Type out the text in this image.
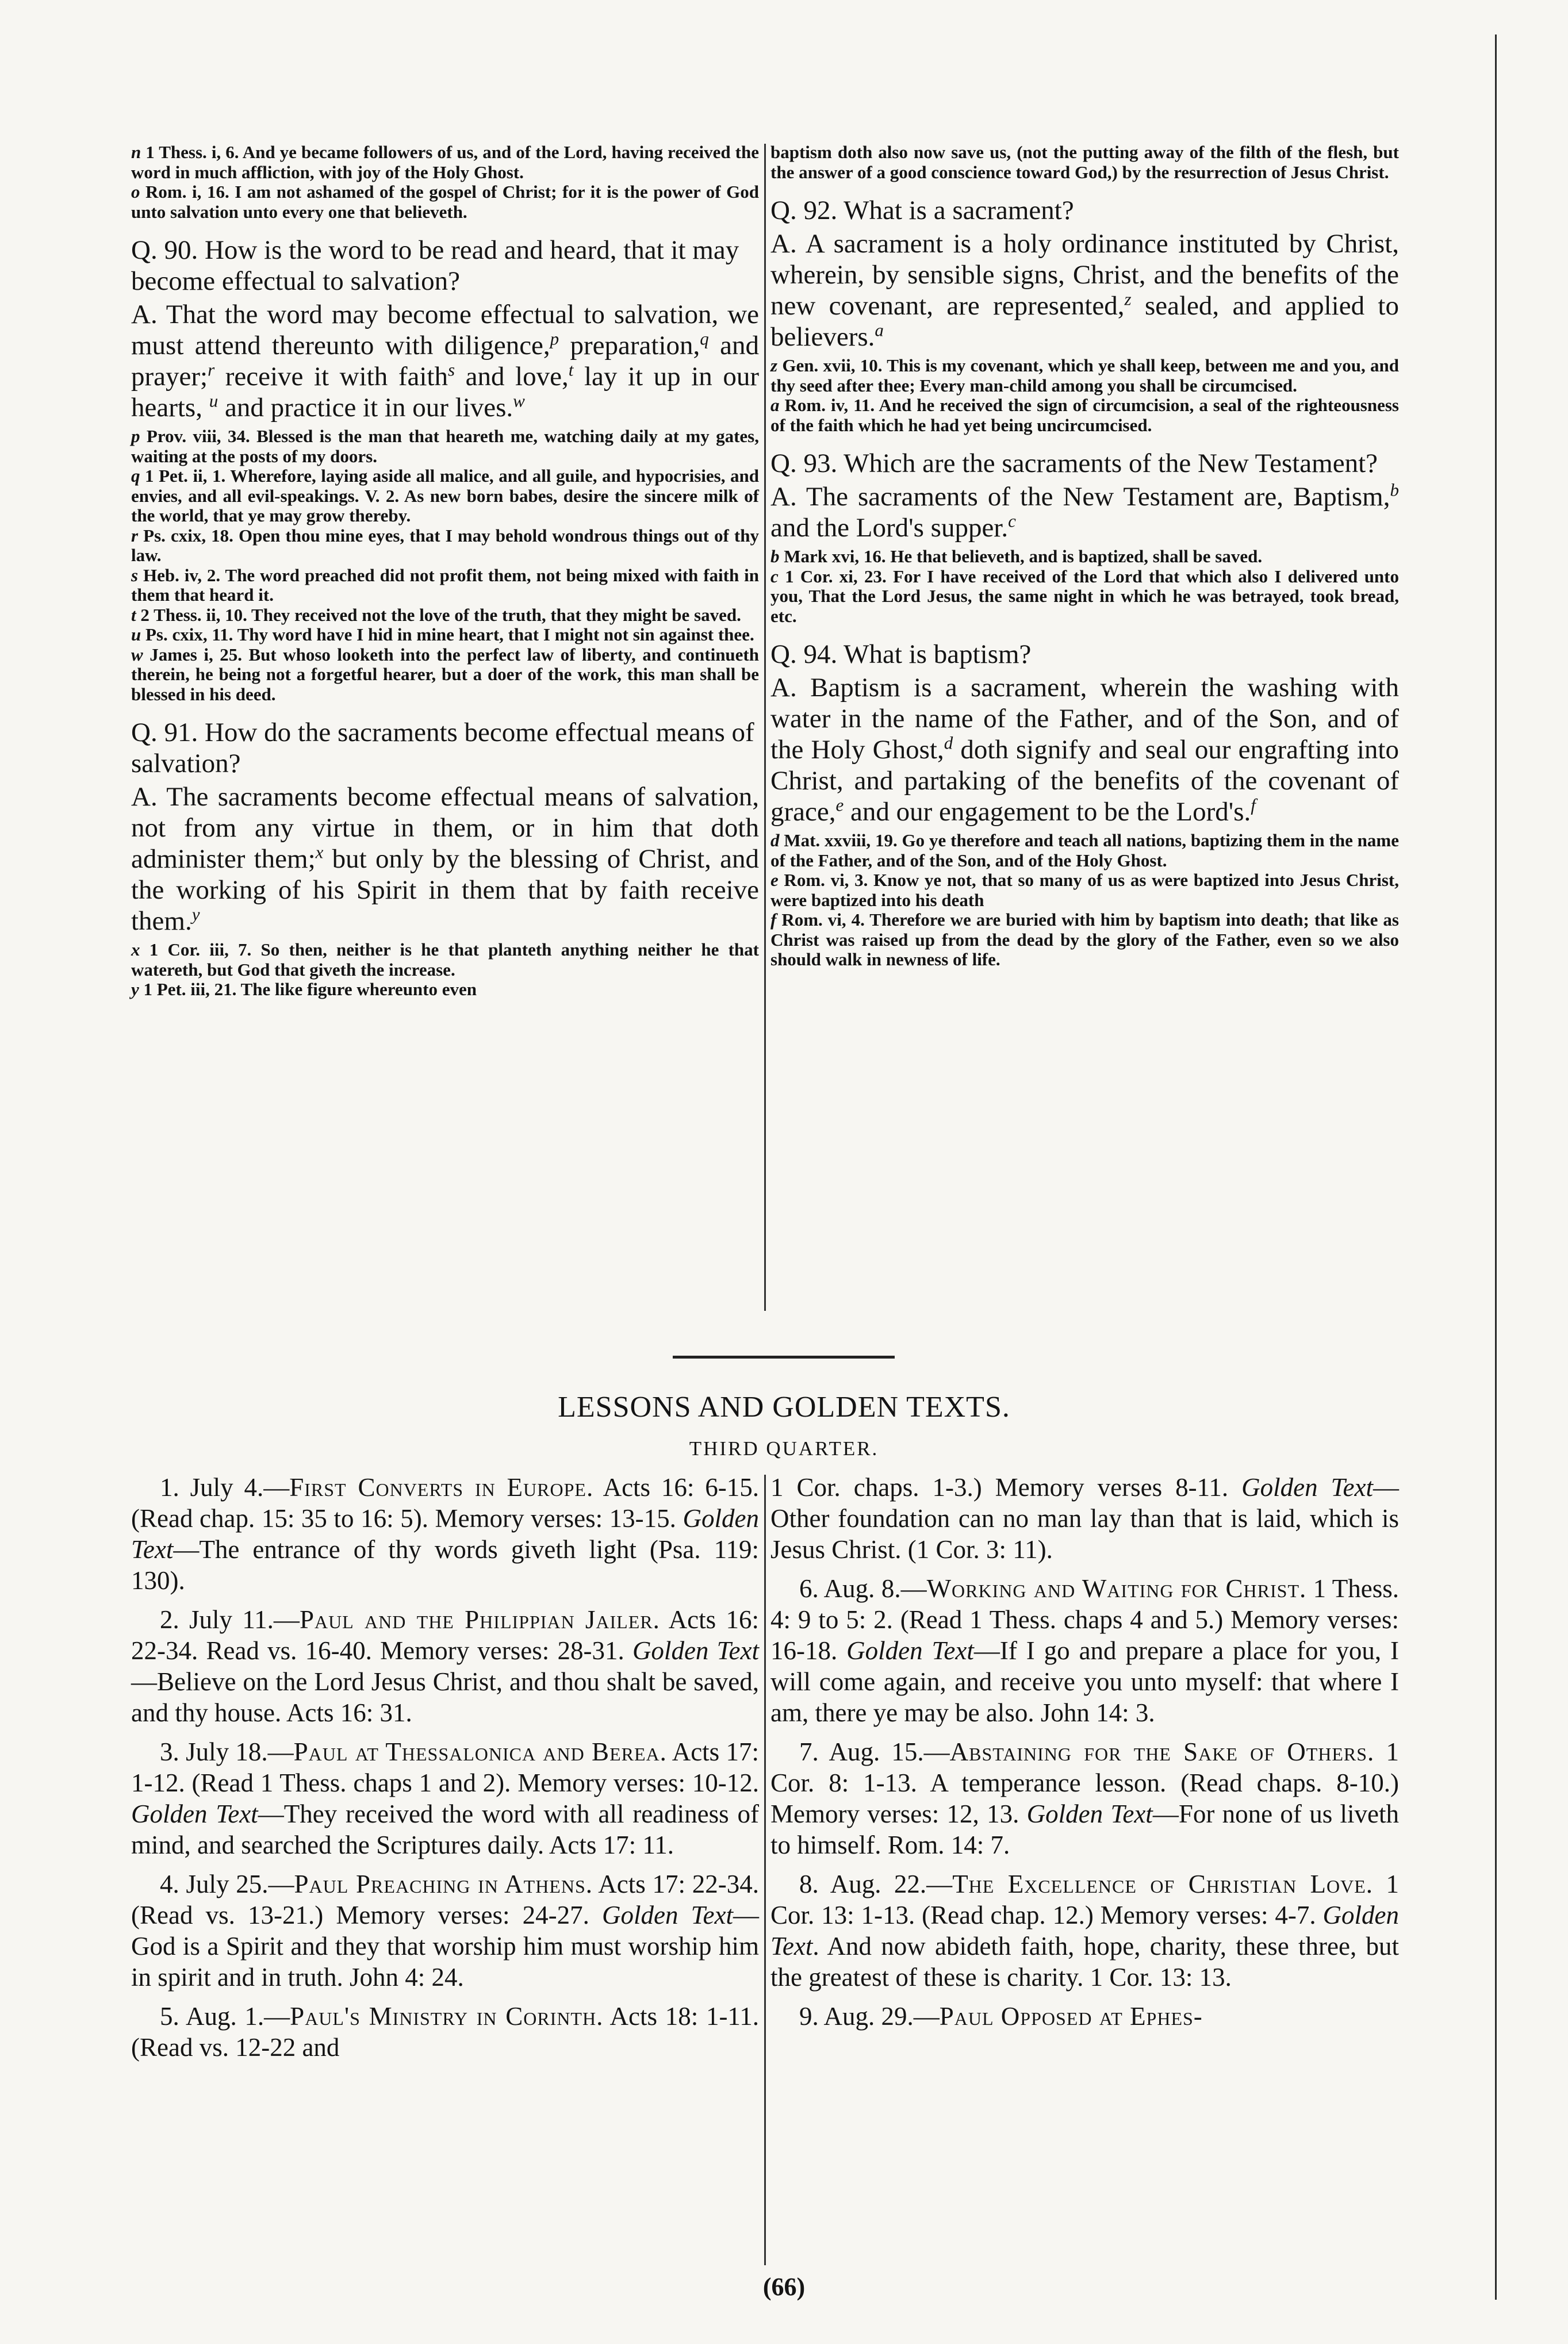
n 1 Thess. i, 6. And ye became followers of us, and of the Lord, having received the word in much affliction, with joy of the Holy Ghost.

o Rom. i, 16. I am not ashamed of the gospel of Christ; for it is the power of God unto salvation unto every one that believeth.

Q. 90. How is the word to be read and heard, that it may become effectual to salvation?

A. That the word may become effectual to salvation, we must attend thereunto with diligence,$^p$ preparation,$^q$ and prayer;$^r$ receive it with faith$^s$ and love,$^t$ lay it up in our hearts, $^u$ and practice it in our lives.$^w$

p Prov. viii, 34. Blessed is the man that heareth me, watching daily at my gates, waiting at the posts of my doors.

q 1 Pet. ii, 1. Wherefore, laying aside all malice, and all guile, and hypocrisies, and envies, and all evil-speakings. V. 2. As new born babes, desire the sincere milk of the world, that ye may grow thereby.

r Ps. cxix, 18. Open thou mine eyes, that I may behold wondrous things out of thy law.

s Heb. iv, 2. The word preached did not profit them, not being mixed with faith in them that heard it.

t 2 Thess. ii, 10. They received not the love of the truth, that they might be saved.

u Ps. cxix, 11. Thy word have I hid in mine heart, that I might not sin against thee.

w James i, 25. But whoso looketh into the perfect law of liberty, and continueth therein, he being not a forgetful hearer, but a doer of the work, this man shall be blessed in his deed.

Q. 91. How do the sacraments become effectual means of salvation?

A. The sacraments become effectual means of salvation, not from any virtue in them, or in him that doth administer them;$^x$ but only by the blessing of Christ, and the working of his Spirit in them that by faith receive them.$^y$

x 1 Cor. iii, 7. So then, neither is he that planteth anything neither he that watereth, but God that giveth the increase.

y 1 Pet. iii, 21. The like figure whereunto even

baptism doth also now save us, (not the putting away of the filth of the flesh, but the answer of a good conscience toward God,) by the resurrection of Jesus Christ.

Q. 92. What is a sacrament?

A. A sacrament is a holy ordinance instituted by Christ, wherein, by sensible signs, Christ, and the benefits of the new covenant, are represented,$^z$ sealed, and applied to believers.$^a$

z Gen. xvii, 10. This is my covenant, which ye shall keep, between me and you, and thy seed after thee; Every man-child among you shall be circumcised.

a Rom. iv, 11. And he received the sign of circumcision, a seal of the righteousness of the faith which he had yet being uncircumcised.

Q. 93. Which are the sacraments of the New Testament?

A. The sacraments of the New Testament are, Baptism,$^b$ and the Lord's supper.$^c$

b Mark xvi, 16. He that believeth, and is baptized, shall be saved.

c 1 Cor. xi, 23. For I have received of the Lord that which also I delivered unto you, That the Lord Jesus, the same night in which he was betrayed, took bread, etc.

Q. 94. What is baptism?

A. Baptism is a sacrament, wherein the washing with water in the name of the Father, and of the Son, and of the Holy Ghost,$^d$ doth signify and seal our engrafting into Christ, and partaking of the benefits of the covenant of grace,$^e$ and our engagement to be the Lord's.$^f$

d Mat. xxviii, 19. Go ye therefore and teach all nations, baptizing them in the name of the Father, and of the Son, and of the Holy Ghost.

e Rom. vi, 3. Know ye not, that so many of us as were baptized into Jesus Christ, were baptized into his death

f Rom. vi, 4. Therefore we are buried with him by baptism into death; that like as Christ was raised up from the dead by the glory of the Father, even so we also should walk in newness of life.

LESSONS AND GOLDEN TEXTS.
THIRD QUARTER.

1. July 4.—First Converts in Europe. Acts 16: 6-15. (Read chap. 15: 35 to 16: 5). Memory verses: 13-15. Golden Text—The entrance of thy words giveth light (Psa. 119: 130).

2. July 11.—Paul and the Philippian Jailer. Acts 16: 22-34. Read vs. 16-40. Memory verses: 28-31. Golden Text—Believe on the Lord Jesus Christ, and thou shalt be saved, and thy house. Acts 16: 31.

3. July 18.—Paul at Thessalonica and Berea. Acts 17: 1-12. (Read 1 Thess. chaps 1 and 2). Memory verses: 10-12. Golden Text—They received the word with all readiness of mind, and searched the Scriptures daily. Acts 17: 11.

4. July 25.—Paul Preaching in Athens. Acts 17: 22-34. (Read vs. 13-21.) Memory verses: 24-27. Golden Text—God is a Spirit and they that worship him must worship him in spirit and in truth. John 4: 24.

5. Aug. 1.—Paul's Ministry in Corinth. Acts 18: 1-11. (Read vs. 12-22 and

1 Cor. chaps. 1-3.) Memory verses 8-11. Golden Text—Other foundation can no man lay than that is laid, which is Jesus Christ. (1 Cor. 3: 11).

6. Aug. 8.—Working and Waiting for Christ. 1 Thess. 4: 9 to 5: 2. (Read 1 Thess. chaps 4 and 5.) Memory verses: 16-18. Golden Text—If I go and prepare a place for you, I will come again, and receive you unto myself: that where I am, there ye may be also. John 14: 3.

7. Aug. 15.—Abstaining for the Sake of Others. 1 Cor. 8: 1-13. A temperance lesson. (Read chaps. 8-10.) Memory verses: 12, 13. Golden Text—For none of us liveth to himself. Rom. 14: 7.

8. Aug. 22.—The Excellence of Christian Love. 1 Cor. 13: 1-13. (Read chap. 12.) Memory verses: 4-7. Golden Text. And now abideth faith, hope, charity, these three, but the greatest of these is charity. 1 Cor. 13: 13.

9. Aug. 29.—Paul Opposed at Ephes-

(66)
